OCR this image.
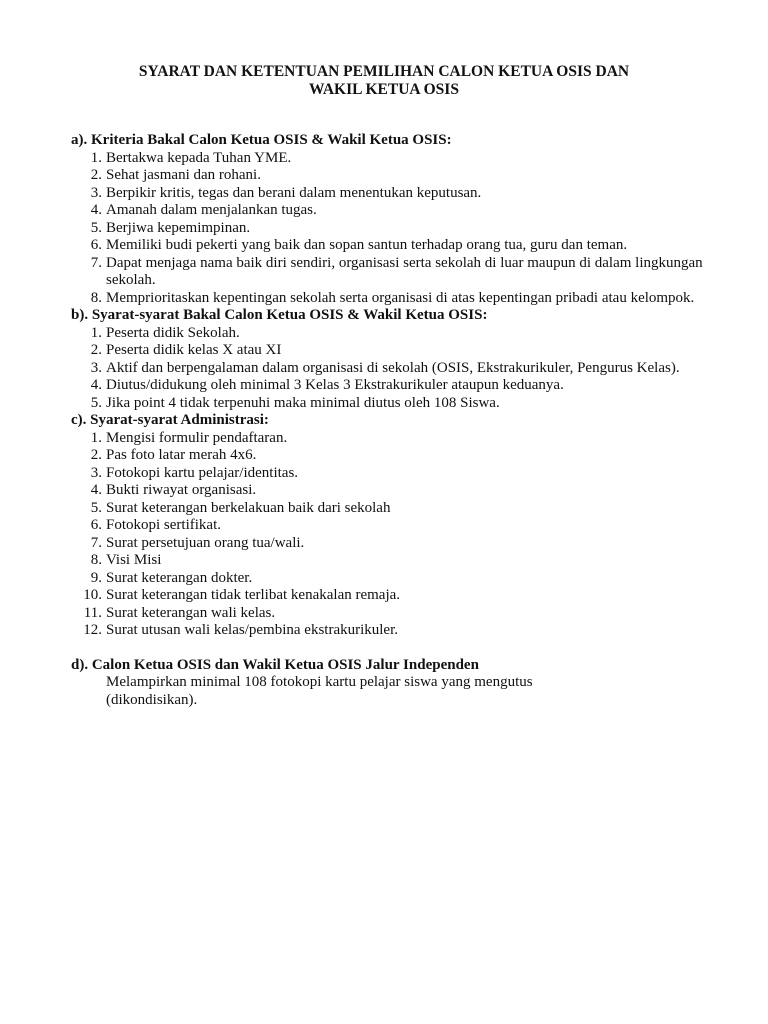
SYARAT DAN KETENTUAN PEMILIHAN CALON KETUA OSIS DAN
WAKIL KETUA OSIS
a). Kriteria Bakal Calon Ketua OSIS & Wakil Ketua OSIS:
1. Bertakwa kepada Tuhan YME.
2. Sehat jasmani dan rohani.
3. Berpikir kritis, tegas dan berani dalam menentukan keputusan.
4. Amanah dalam menjalankan tugas.
5. Berjiwa kepemimpinan.
6. Memiliki budi pekerti yang baik dan sopan santun terhadap orang tua, guru dan teman.
7. Dapat menjaga nama baik diri sendiri, organisasi serta sekolah di luar maupun di dalam lingkungan sekolah.
8. Memprioritaskan kepentingan sekolah serta organisasi di atas kepentingan pribadi atau kelompok.
b). Syarat-syarat Bakal Calon Ketua OSIS & Wakil Ketua OSIS:
1. Peserta didik Sekolah.
2. Peserta didik kelas X atau XI
3. Aktif dan berpengalaman dalam organisasi di sekolah (OSIS, Ekstrakurikuler, Pengurus Kelas).
4. Diutus/didukung oleh minimal 3 Kelas 3 Ekstrakurikuler ataupun keduanya.
5. Jika point 4 tidak terpenuhi maka minimal diutus oleh 108 Siswa.
c). Syarat-syarat Administrasi:
1. Mengisi formulir pendaftaran.
2. Pas foto latar merah 4x6.
3. Fotokopi kartu pelajar/identitas.
4. Bukti riwayat organisasi.
5. Surat keterangan berkelakuan baik dari sekolah
6. Fotokopi sertifikat.
7. Surat persetujuan orang tua/wali.
8. Visi Misi
9. Surat keterangan dokter.
10. Surat keterangan tidak terlibat kenakalan remaja.
11. Surat keterangan wali kelas.
12. Surat utusan wali kelas/pembina ekstrakurikuler.
d). Calon Ketua OSIS dan Wakil Ketua OSIS Jalur Independen
Melampirkan minimal 108 fotokopi kartu pelajar siswa yang mengutus (dikondisikan).
